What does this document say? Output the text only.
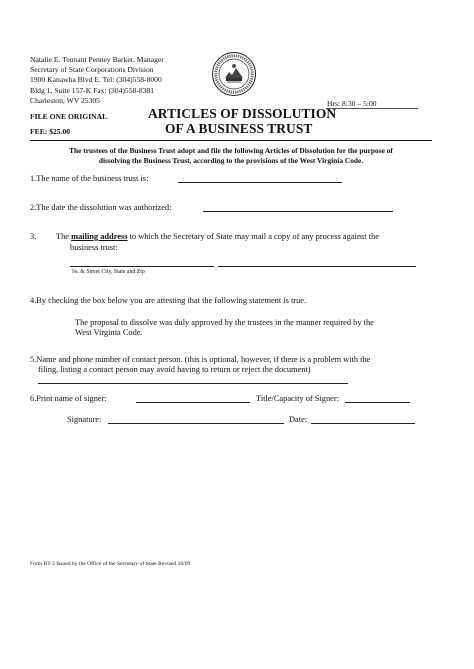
Natalie E. Tennant Penney Barker, Manager
Secretary of State Corporations Division
1900 Kanawha Blvd E. Tel: (304)558-8000
Bldg 1, Suite 157-K Fax: (304)558-8381
Charleston, WV 25305	Hrs: 8:30 – 5:00
FILE ONE ORIGINAL
FEE: $25.00
ARTICLES OF DISSOLUTION
OF A BUSINESS TRUST
The trustees of the Business Trust adopt and file the following Articles of Dissolution for the purpose of
dissolving the Business Trust, according to the provisions of the West Virginia Code.
1.The name of the business trust is:
2.The date the dissolution was authorized:
3. The mailing address to which the Secretary of State may mail a copy of any process against the
business trust:
№. & Street City, State and Zip
4.By checking the box below you are attesting that the following statement is true.
The proposal to dissolve was duly approved by the trustees in the manner required by the
West Virginia Code.
5.Name and phone number of contact person. (this is optional, however, if there is a problem with the
filing, listing a contact person may avoid having to return or reject the document)
6.Print name of signer:	Title/Capacity of Signer:
Signature:	Date:
Form BT-3 Issued by the Office of the Secretary of State Revised 10/09
